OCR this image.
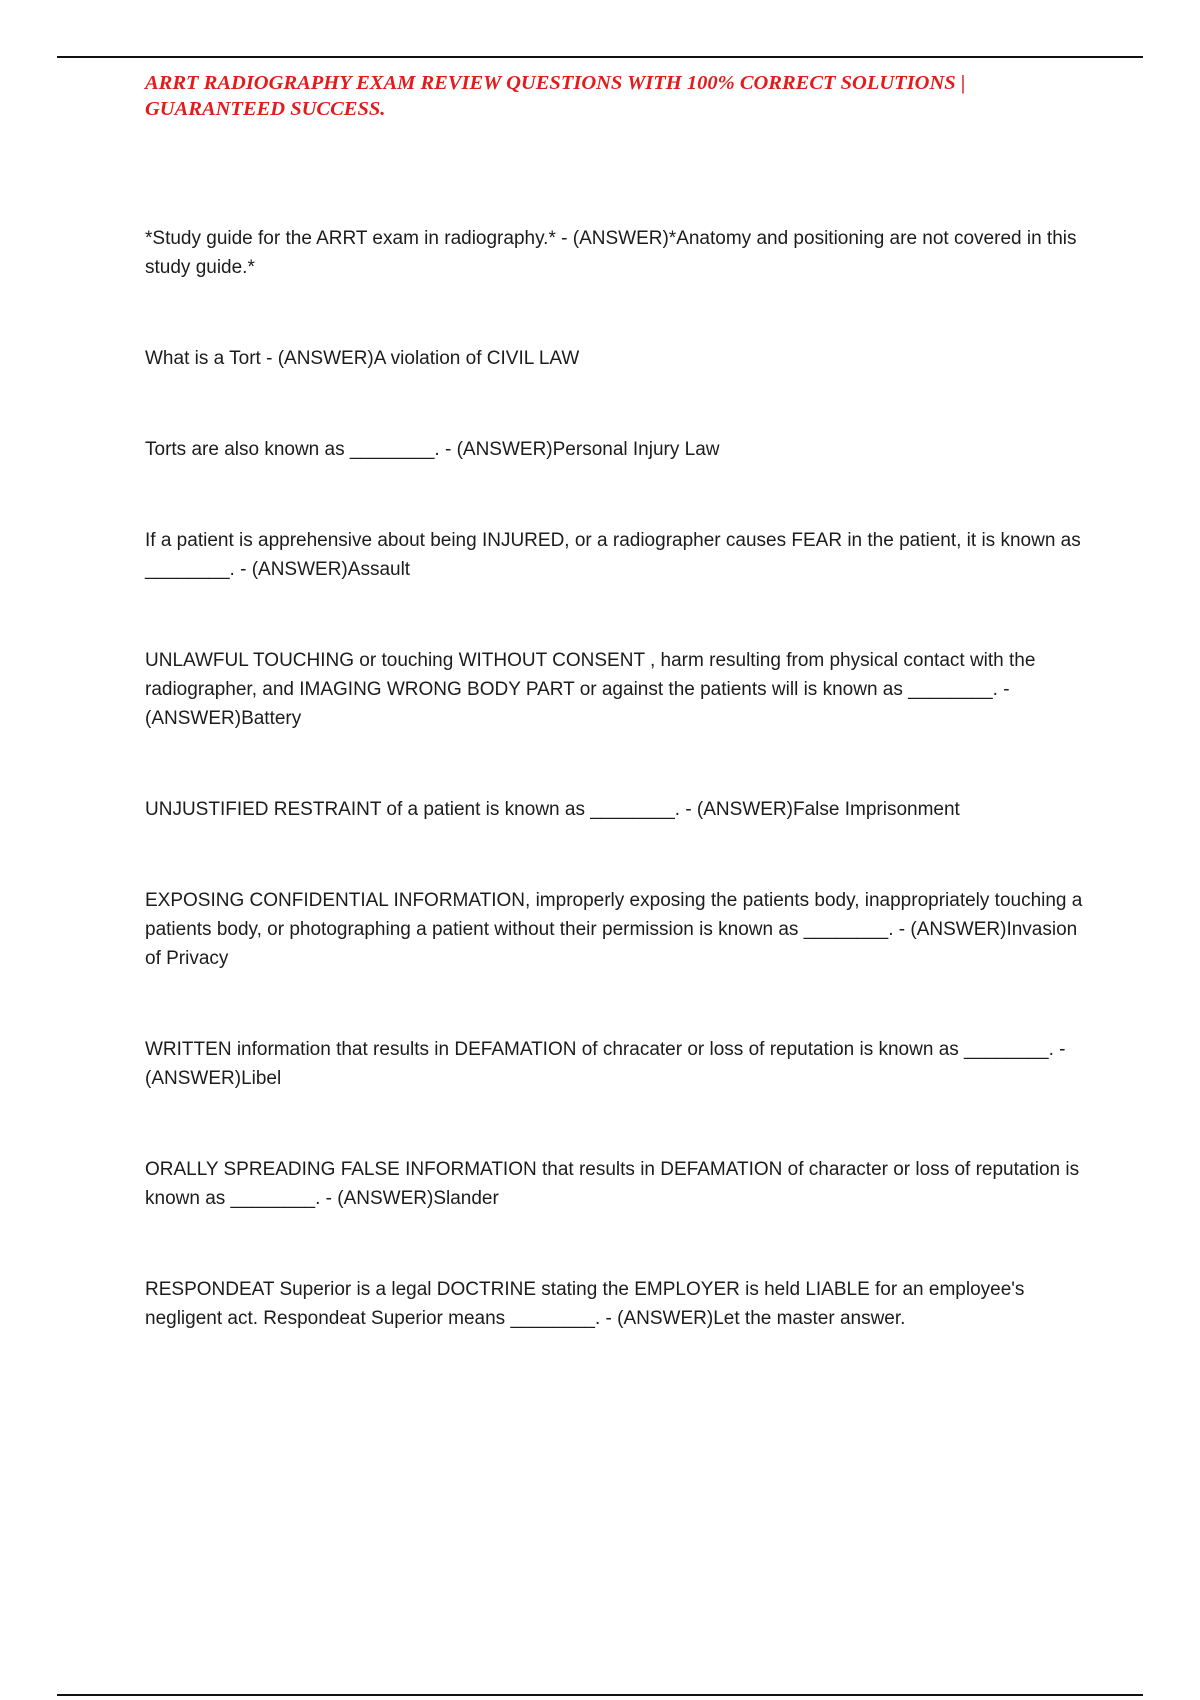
ARRT RADIOGRAPHY EXAM REVIEW QUESTIONS WITH 100% CORRECT SOLUTIONS | GUARANTEED SUCCESS.
*Study guide for the ARRT exam in radiography.* - (ANSWER)*Anatomy and positioning are not covered in this study guide.*
What is a Tort - (ANSWER)A violation of CIVIL LAW
Torts are also known as ________. - (ANSWER)Personal Injury Law
If a patient is apprehensive about being INJURED, or a radiographer causes FEAR in the patient, it is known as ________. - (ANSWER)Assault
UNLAWFUL TOUCHING or touching WITHOUT CONSENT , harm resulting from physical contact with the radiographer, and IMAGING WRONG BODY PART or against the patients will is known as ________. - (ANSWER)Battery
UNJUSTIFIED RESTRAINT of a patient is known as ________. - (ANSWER)False Imprisonment
EXPOSING CONFIDENTIAL INFORMATION, improperly exposing the patients body, inappropriately touching a patients body, or photographing a patient without their permission is known as ________. - (ANSWER)Invasion of Privacy
WRITTEN information that results in DEFAMATION of chracater or loss of reputation is known as ________. - (ANSWER)Libel
ORALLY SPREADING FALSE INFORMATION that results in DEFAMATION of character or loss of reputation is known as ________. - (ANSWER)Slander
RESPONDEAT Superior is a legal DOCTRINE stating the EMPLOYER is held LIABLE for an employee's negligent act. Respondeat Superior means ________. - (ANSWER)Let the master answer.
